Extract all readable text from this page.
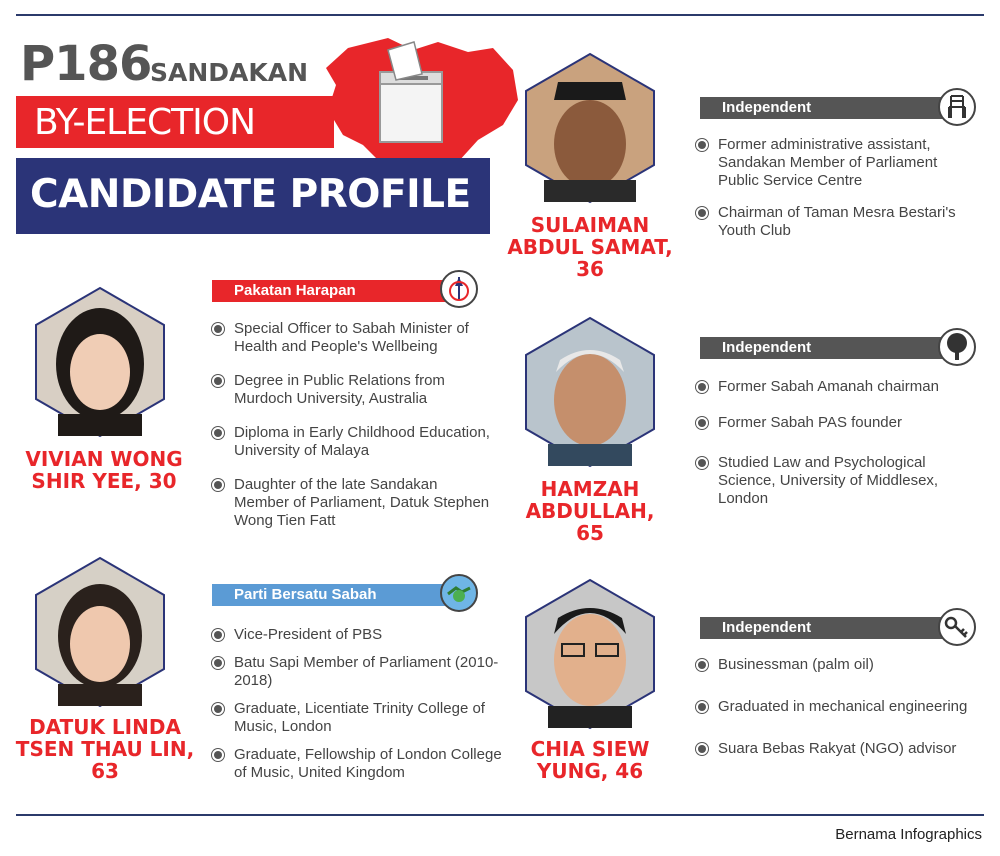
P186
SANDAKAN
BY-ELECTION
CANDIDATE PROFILE
SULAIMAN
ABDUL SAMAT,
36
Independent
Former administrative assistant, Sandakan Member of Parliament Public Service Centre
Chairman of Taman Mesra Bestari's Youth Club
VIVIAN WONG
SHIR YEE, 30
Pakatan Harapan
Special Officer to Sabah Minister of Health and People's Wellbeing
Degree in Public Relations from Murdoch University, Australia
Diploma in Early Childhood Education, University of Malaya
Daughter of the late Sandakan Member of Parliament, Datuk Stephen Wong Tien Fatt
HAMZAH
ABDULLAH,
65
Independent
Former Sabah Amanah chairman
Former Sabah PAS founder
Studied Law and Psychological Science, University of Middlesex, London
DATUK LINDA
TSEN THAU LIN,
63
Parti Bersatu Sabah
Vice-President of PBS
Batu Sapi Member of Parliament (2010-2018)
Graduate, Licentiate Trinity College of Music, London
Graduate, Fellowship of London College of Music, United Kingdom
CHIA SIEW
YUNG, 46
Independent
Businessman (palm oil)
Graduated in mechanical engineering
Suara Bebas Rakyat (NGO) advisor
Bernama Infographics
